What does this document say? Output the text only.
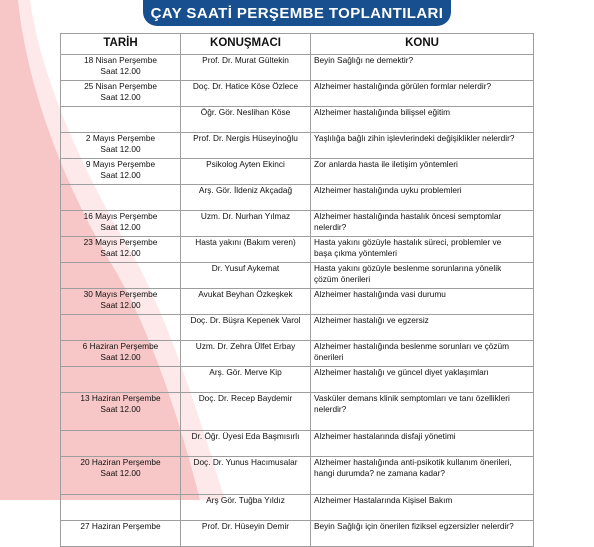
ÇAY SAATİ PERŞEMBE TOPLANTILARI
TARİH	KONUŞMACI	KONU

18 Nisan Perşembe
Saat 12.00	Prof. Dr. Murat Gültekin	Beyin Sağlığı ne demektir?

25 Nisan Perşembe
Saat 12.00	Doç. Dr. Hatice Köse Özlece	Alzheimer hastalığında görülen formlar nelerdir?

	Öğr. Gör. Neslihan Köse	Alzheimer hastalığında bilişsel eğitim

2 Mayıs Perşembe
Saat 12.00	Prof. Dr. Nergis Hüseyinoğlu	Yaşlılığa bağlı zihin işlevlerindeki değişiklikler nelerdir?

9 Mayıs Perşembe
Saat 12.00	Psikolog Ayten Ekinci	Zor anlarda hasta ile iletişim yöntemleri

	Arş. Gör. İldeniz Akçadağ	Alzheimer hastalığında uyku problemleri

16 Mayıs Perşembe
Saat 12.00	Uzm. Dr. Nurhan Yılmaz	Alzheimer hastalığında hastalık öncesi semptomlar
nelerdir?

23 Mayıs Perşembe
Saat 12.00	Hasta yakını (Bakım veren)	Hasta yakını gözüyle hastalık süreci, problemler ve
başa çıkma yöntemleri

	Dr. Yusuf Aykemat	Hasta yakını gözüyle beslenme sorunlarına yönelik
çözüm önerileri

30 Mayıs Perşembe
Saat 12.00	Avukat Beyhan Özkeşkek	Alzheimer hastalığında vasi durumu

	Doç. Dr. Büşra Kepenek Varol	Alzheimer hastalığı ve egzersiz

6 Haziran Perşembe
Saat 12.00	Uzm. Dr. Zehra Ülfet Erbay	Alzheimer hastalığında beslenme sorunları ve çözüm
önerileri

	Arş. Gör. Merve Kip	Alzheimer hastalığı ve güncel diyet yaklaşımları

13 Haziran Perşembe
Saat 12.00	Doç. Dr. Recep Baydemir	Vasküler demans klinik semptomları ve tanı özellikleri
nelerdir?

	Dr. Öğr. Üyesi Eda Başmısırlı	Alzheimer hastalarında disfaji yönetimi

20 Haziran Perşembe
Saat 12.00	Doç. Dr. Yunus Hacımusalar	Alzheimer hastalığında anti-psikotik kullanım önerileri,
hangi durumda? ne zamana kadar?

	Arş Gör. Tuğba Yıldız	Alzheimer Hastalarında Kişisel Bakım

27 Haziran Perşembe	Prof. Dr. Hüseyin Demir	Beyin Sağlığı için önerilen fiziksel egzersizler nelerdir?
